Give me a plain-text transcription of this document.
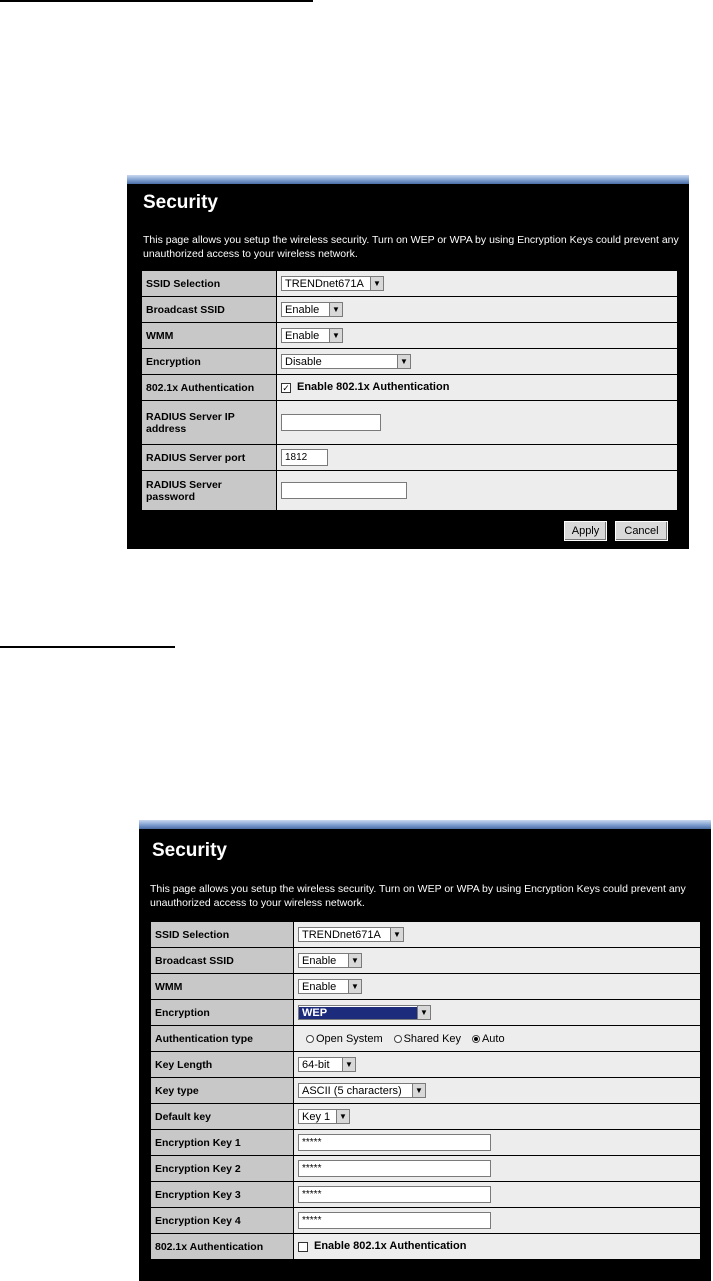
Security
This page allows you setup the wireless security. Turn on WEP or WPA by using Encryption Keys could prevent any unauthorized access to your wireless network.
SSID Selection	TRENDnet671A ▼

Broadcast SSID	Enable ▼

WMM	Enable ▼

Encryption	Disable ▼

802.1x Authentication	✓ Enable 802.1x Authentication
RADIUS Server IP address	
RADIUS Server port	1812
RADIUS Server password	
Apply	Cancel
Security
This page allows you setup the wireless security. Turn on WEP or WPA by using Encryption Keys could prevent any unauthorized access to your wireless network.
SSID Selection	TRENDnet671A ▼

Broadcast SSID	Enable ▼

WMM	Enable ▼

Encryption	WEP ▼

Authentication type	Open System Shared Key Auto
Key Length	64-bit ▼

Key type	ASCII (5 characters) ▼

Default key	Key 1 ▼

Encryption Key 1	*****
Encryption Key 2	*****
Encryption Key 3	*****
Encryption Key 4	*****
802.1x Authentication	Enable 802.1x Authentication
